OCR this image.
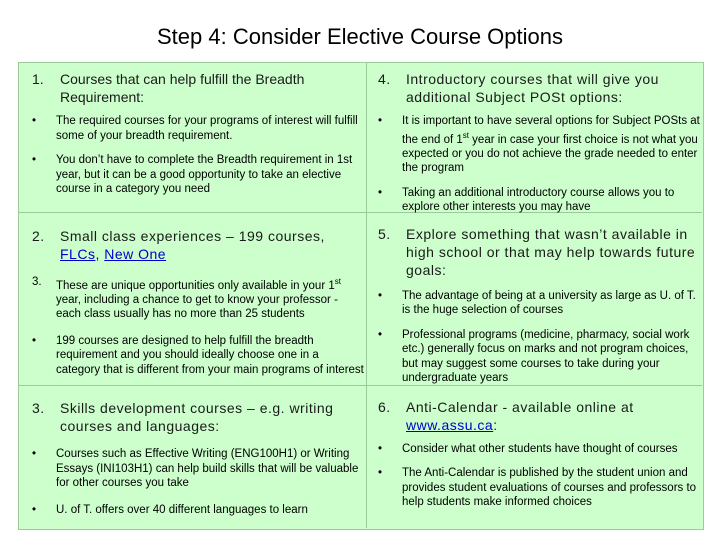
Step 4: Consider Elective Course Options
1.	Courses that can help fulfill the Breadth Requirement:
•	The required courses for your programs of interest will fulfill some of your breadth requirement.
•	You don’t have to complete the Breadth requirement in 1st year, but it can be a good opportunity to take an elective course in a category you need
2.	Small class experiences – 199 courses, FLCs, New One
3.	These are unique opportunities only available in your 1st year, including a chance to get to know your professor - each class usually has no more than 25 students
•	199 courses are designed to help fulfill the breadth requirement and you should ideally choose one in a category that is different from your main programs of interest
3.	Skills development courses – e.g. writing courses and languages:
•	Courses such as Effective Writing (ENG100H1) or Writing Essays (INI103H1) can help build skills that will be valuable for other courses you take
•	U. of T. offers over 40 different languages to learn
4.	Introductory courses that will give you additional Subject POSt options:
•	It is important to have several options for Subject POSts at the end of 1st year in case your first choice is not what you expected or you do not achieve the grade needed to enter the program
•	Taking an additional introductory course allows you to explore other interests you may have
5.	Explore something that wasn’t available in high school or that may help towards future goals:
•	The advantage of being at a university as large as U. of T. is the huge selection of courses
•	Professional programs (medicine, pharmacy, social work etc.) generally focus on marks and not program choices, but may suggest some courses to take during your undergraduate years
6.	Anti-Calendar - available online at www.assu.ca:
•	Consider what other students have thought of courses
•	The Anti-Calendar is published by the student union and provides student evaluations of courses and professors to help students make informed choices
